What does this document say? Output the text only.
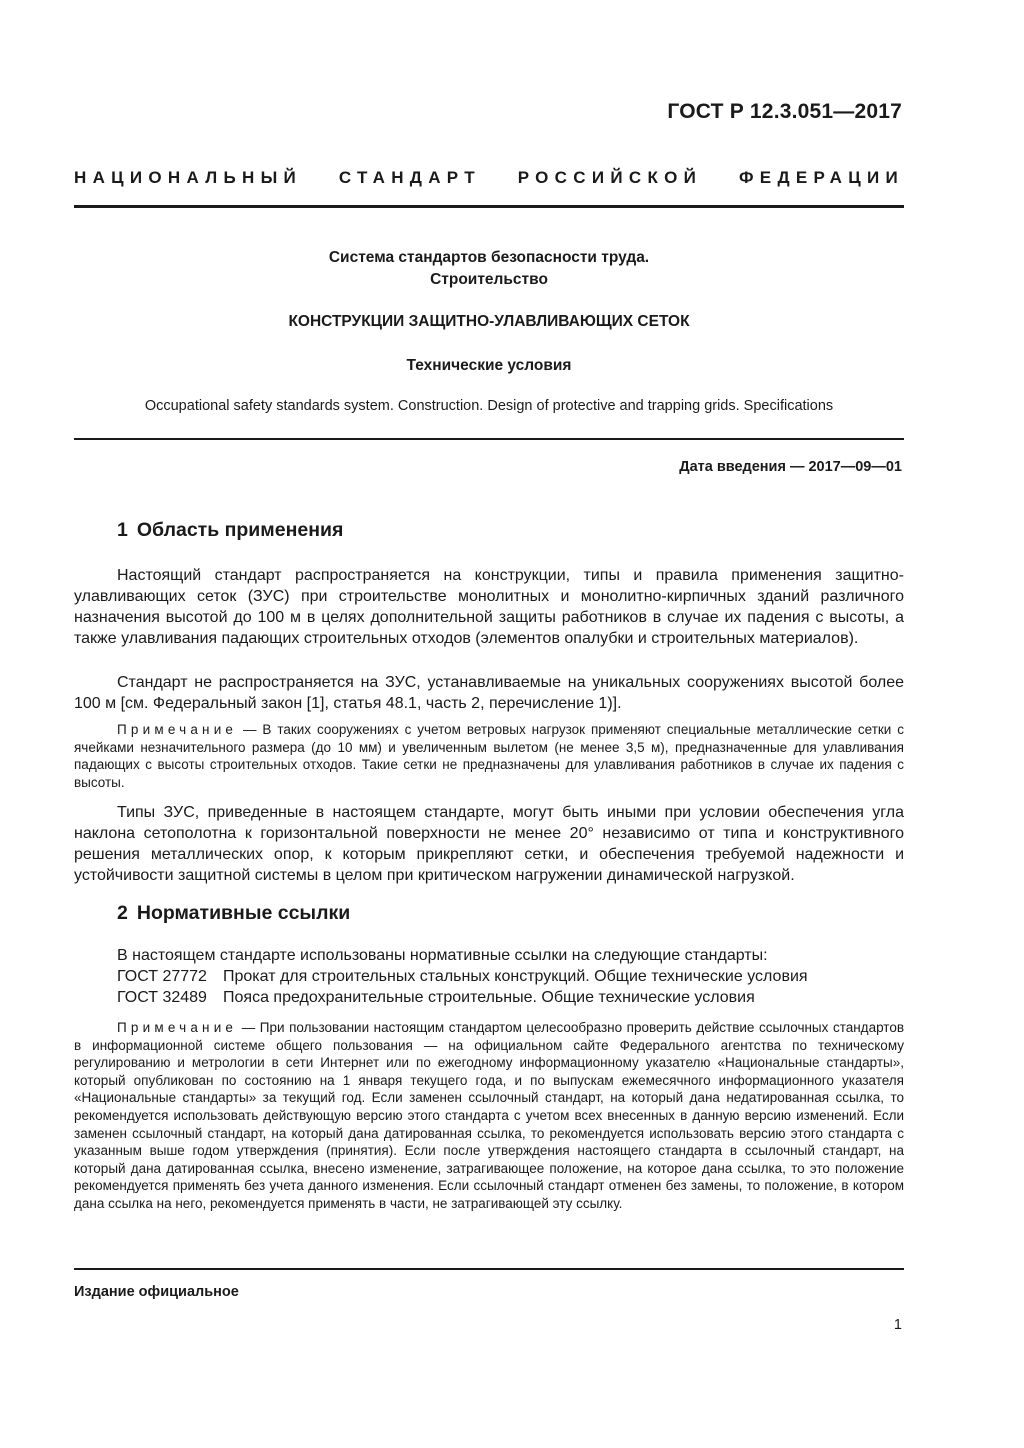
ГОСТ Р 12.3.051—2017
НАЦИОНАЛЬНЫЙ СТАНДАРТ РОССИЙСКОЙ ФЕДЕРАЦИИ
Система стандартов безопасности труда.
Строительство
КОНСТРУКЦИИ ЗАЩИТНО-УЛАВЛИВАЮЩИХ СЕТОК
Технические условия
Occupational safety standards system. Construction. Design of protective and trapping grids. Specifications
Дата введения — 2017—09—01
1 Область применения
Настоящий стандарт распространяется на конструкции, типы и правила применения защитно-улавливающих сеток (ЗУС) при строительстве монолитных и монолитно-кирпичных зданий различного назначения высотой до 100 м в целях дополнительной защиты работников в случае их падения с высоты, а также улавливания падающих строительных отходов (элементов опалубки и строительных материалов).
Стандарт не распространяется на ЗУС, устанавливаемые на уникальных сооружениях высотой более 100 м [см. Федеральный закон [1], статья 48.1, часть 2, перечисление 1)].
Примечание — В таких сооружениях с учетом ветровых нагрузок применяют специальные металлические сетки с ячейками незначительного размера (до 10 мм) и увеличенным вылетом (не менее 3,5 м), предназначенные для улавливания падающих с высоты строительных отходов. Такие сетки не предназначены для улавливания работников в случае их падения с высоты.
Типы ЗУС, приведенные в настоящем стандарте, могут быть иными при условии обеспечения угла наклона сетополотна к горизонтальной поверхности не менее 20° независимо от типа и конструктивного решения металлических опор, к которым прикрепляют сетки, и обеспечения требуемой надежности и устойчивости защитной системы в целом при критическом нагружении динамической нагрузкой.
2 Нормативные ссылки
В настоящем стандарте использованы нормативные ссылки на следующие стандарты:
ГОСТ 27772 Прокат для строительных стальных конструкций. Общие технические условия
ГОСТ 32489 Пояса предохранительные строительные. Общие технические условия
Примечание — При пользовании настоящим стандартом целесообразно проверить действие ссылочных стандартов в информационной системе общего пользования — на официальном сайте Федерального агентства по техническому регулированию и метрологии в сети Интернет или по ежегодному информационному указателю «Национальные стандарты», который опубликован по состоянию на 1 января текущего года, и по выпускам ежемесячного информационного указателя «Национальные стандарты» за текущий год. Если заменен ссылочный стандарт, на который дана недатированная ссылка, то рекомендуется использовать действующую версию этого стандарта с учетом всех внесенных в данную версию изменений. Если заменен ссылочный стандарт, на который дана датированная ссылка, то рекомендуется использовать версию этого стандарта с указанным выше годом утверждения (принятия). Если после утверждения настоящего стандарта в ссылочный стандарт, на который дана датированная ссылка, внесено изменение, затрагивающее положение, на которое дана ссылка, то это положение рекомендуется применять без учета данного изменения. Если ссылочный стандарт отменен без замены, то положение, в котором дана ссылка на него, рекомендуется применять в части, не затрагивающей эту ссылку.
Издание официальное
1
